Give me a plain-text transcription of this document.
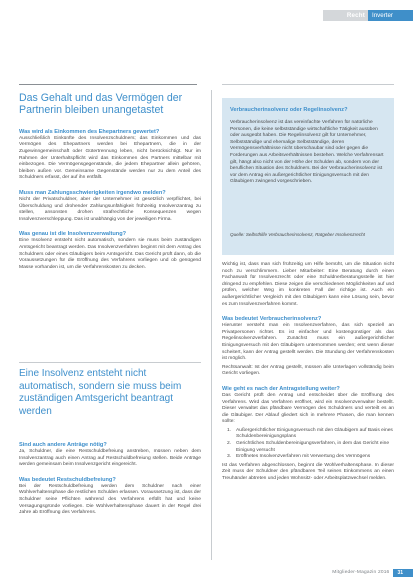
Recht	Inverter
Das Gehalt und das Vermögen der Partnerin bleiben unangetastet

Was wird als Einkommen des Ehepartners gewertet?

Ausschließlich Einkünfte des Insolvenzschuldners; das Einkommen und das Vermögen des Ehepartners werden bei Ehepartnern, die in der Zugewinngemeinschaft oder Gütertrennung leben, nicht berücksichtigt. Nur im Rahmen der Unterhaltspflicht wird das Einkommen des Partners mittelbar mit einbezogen. Die Vermögensgegenstände, die jedem Ehepartner allein gehören, bleiben außen vor. Gemeinsame Gegenstände werden nur zu dem Anteil des Schuldners erfasst, der auf ihn entfällt.

Muss man Zahlungsschwierigkeiten irgendwo melden?

Nicht der Privatschuldner, aber der Unternehmer ist gesetzlich verpflichtet, bei Überschuldung und drohender Zahlungsunfähigkeit frühzeitig Insolvenzantrag zu stellen, ansonsten drohen strafrechtliche Konsequenzen wegen Insolvenzverschleppung. Das ist unabhängig von der jeweiligen Firma.

Was genau ist die Insolvenzverwaltung?

Eine Insolvenz entsteht nicht automatisch, sondern sie muss beim zuständigen Amtsgericht beantragt werden. Das Insolvenzverfahren beginnt mit dem Antrag des Schuldners oder eines Gläubigers beim Amtsgericht. Das Gericht prüft dann, ob die Voraussetzungen für die Eröffnung des Verfahrens vorliegen und ob genügend Masse vorhanden ist, um die Verfahrenskosten zu decken.

Eine Insolvenz entsteht nicht automatisch, sondern sie muss beim zuständigen Amtsgericht beantragt werden

Sind auch andere Anträge nötig?

Ja, Schuldner, die eine Restschuldbefreiung anstreben, müssen neben dem Insolvenzantrag auch einen Antrag auf Restschuldbefreiung stellen. Beide Anträge werden gemeinsam beim Insolvenzgericht eingereicht.

Was bedeutet Restschuldbefreiung?

Bei der Restschuldbefreiung werden dem Schuldner nach einer Wohlverhaltensphase die restlichen Schulden erlassen. Voraussetzung ist, dass der Schuldner seine Pflichten während des Verfahrens erfüllt hat und keine Versagungsgründe vorliegen. Die Wohlverhaltensphase dauert in der Regel drei Jahre ab Eröffnung des Verfahrens.

Verbraucherinsolvenz oder Regelinsolvenz?
Verbraucherinsolvenz ist das vereinfachte Verfahren für natürliche Personen, die keine selbstständige wirtschaftliche Tätigkeit ausüben oder ausgeübt haben. Die Regelinsolvenz gilt für Unternehmer, Selbstständige und ehemalige Selbstständige, deren Vermögensverhältnisse nicht überschaubar sind oder gegen die Forderungen aus Arbeitsverhältnissen bestehen. Welche Verfahrensart gilt, hängt also nicht von der Höhe der Schulden ab, sondern von der beruflichen Situation des Schuldners. Bei der Verbraucherinsolvenz ist vor dem Antrag ein außergerichtlicher Einigungsversuch mit den Gläubigern zwingend vorgeschrieben.
Quelle: Selbsthilfe Verbraucherinsolvenz, Ratgeber Insolvenzrecht

Wichtig ist, dass man sich frühzeitig um Hilfe bemüht, um die Situation nicht noch zu verschlimmern. Lieber Mitarbeiter: Eine Beratung durch einen Fachanwalt für Insolvenzrecht oder eine Schuldnerberatungsstelle ist hier dringend zu empfehlen. Diese zeigen die verschiedenen Möglichkeiten auf und prüfen, welcher Weg im konkreten Fall der richtige ist. Auch ein außergerichtlicher Vergleich mit den Gläubigern kann eine Lösung sein, bevor es zum Insolvenzverfahren kommt.

Was bedeutet Verbraucherinsolvenz?

Hierunter versteht man ein Insolvenzverfahren, das sich speziell an Privatpersonen richtet. Es ist einfacher und kostengünstiger als das Regelinsolvenzverfahren. Zunächst muss ein außergerichtlicher Einigungsversuch mit den Gläubigern unternommen werden; erst wenn dieser scheitert, kann der Antrag gestellt werden. Die Stundung der Verfahrenskosten ist möglich.

Rechtsanwalt: Ist der Antrag gestellt, müssen alle Unterlagen vollständig beim Gericht vorliegen.

Wie geht es nach der Antragstellung weiter?

Das Gericht prüft den Antrag und entscheidet über die Eröffnung des Verfahrens. Wird das Verfahren eröffnet, wird ein Insolvenzverwalter bestellt. Dieser verwaltet das pfändbare Vermögen des Schuldners und verteilt es an die Gläubiger. Der Ablauf gliedert sich in mehrere Phasen, die man kennen sollte:

1. Außergerichtlicher Einigungsversuch mit den Gläubigern auf Basis eines Schuldenbereinigungsplans
2. Gerichtliches Schuldenbereinigungsverfahren, in dem das Gericht eine Einigung versucht
3. Eröffnetes Insolvenzverfahren mit Verwertung des Vermögens

Ist das Verfahren abgeschlossen, beginnt die Wohlverhaltensphase. In dieser Zeit muss der Schuldner den pfändbaren Teil seines Einkommens an einen Treuhänder abtreten und jeden Wohnsitz- oder Arbeitsplatzwechsel melden.

Mitglieder-Magazin 2016	31
